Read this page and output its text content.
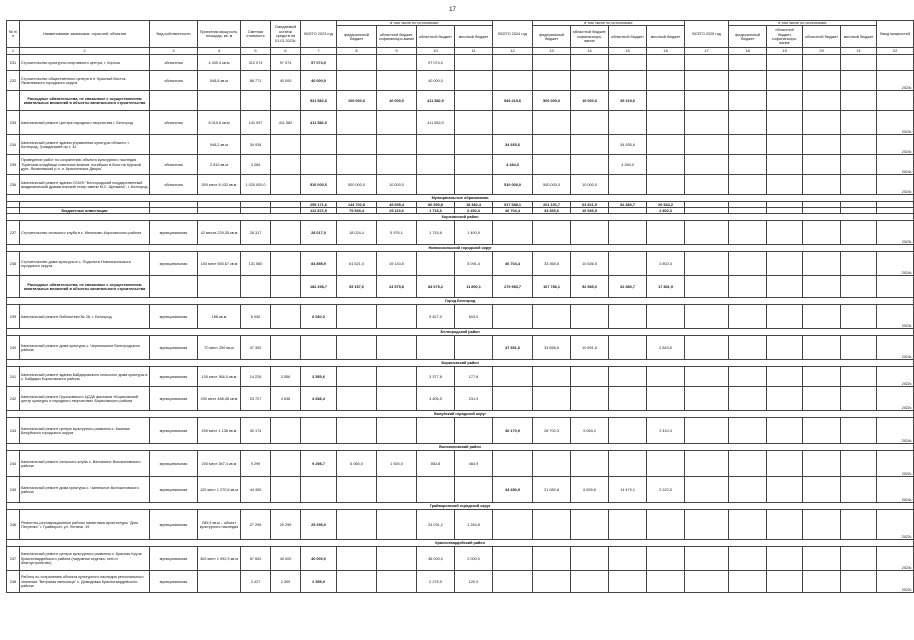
17
№ п/п	Наименование заказчиков, отраслей, объектов	Вид собственности	Проектная мощность, площадь, кв. м	Сметная стоимость	Ожидаемый остаток средств на 01.01.2023г.	ВСЕГО 2023 год	в том числе по источникам:				ВСЕГО 2024 год	в том числе по источникам:				ВСЕГО 2025 год	в том числе по источникам:				Ввод мощностей
							федеральный бюджет	областной бюджет, софинансиро-вание	областной бюджет	местный бюджет		федеральный бюджет	областной бюджет, софинансиро-вание	областной бюджет	местный бюджет		федеральный бюджет	областной бюджет, софинансиро-вание	областной бюджет	местный бюджет	
1	2	3	4	5	6	7	8	9	10	11	12	13	14	15	16	17	18	19	20	21	22
231	Строительство культурно-спортивного центра, г. Короча	областная	4 400,4 кв.м	312 074	97 074	97 074,0			97 074,0												
232	Строительство общественного центра в п. Красный Восток Яковлевского городского округа	областная	548,8 кв.м	86 771	40 000	40 000,0			40 000,0												2023г.
	Расходные обязательства, не связанные с осуществлением капитальных вложений в объекты капитального строительства					521 582,0	100 000,0	10 000,0	411 582,0		549 219,6	500 000,0	10 000,0	39 219,6							
233	Капитальный ремонт Центра народного творчества г. Белгород	областная	6 019,6 кв.м	141 937	411 582	411 582,0			411 582,0												2023г.
234	Капитальный ремонт здания управления культуры области, г. Белгород, Гражданский пр-т, 41		948,2 кв.м	34 936							34 935,6			34 935,6							2024г.
235	Проведение работ по сохранению объекта культурного наследия "Братская кладбище советских воинов, погибших в боях на Курской дуге, Яковлевский р-н, п. Красненское Дворы"	областная	2 819 кв.м	4 284							4 284,0			4 284,0							2024г.
236	Капитальный ремонт здания ОГАУК "Белгородский государственный академический драматический театр имени М.С. Щепкина", г. Белгород	областная	500 мест 8 432 кв.м	1 020 000,0		510 000,0	500 000,0	10 000,0			510 000,0	500 000,0	10 000,0								2024г.
Муниципальные образования																					
						295 171,6	144 702,8	49 695,4	80 390,8	18 382,4	517 688,1	201 151,7	63 521,9	92 380,7	20 634,2						
	Бюджетные инвестиции					112 872,9	79 545,4	25 119,6	1 715,6	6 492,3	46 704,4	33 365,6	10 536,5		2 802,3						
Корочанский район																					
237	Строительство сельского клуба в с. Мелихово Корочанского района	муниципальная	42 места 229,35 кв.м	28 317		28 017,0	18 024,4	5 976,1	1 715,6	1 400,9											2023г.
Новооскольский городской округ																					
238	Строительство дома культуры в с. Подольхи Новооскольского городского округа	муниципальная	100 мест 555,67 кв.м	131 580		84 855,9	61 521,0	19 143,5		5 091,4	46 704,4	33 365,6	10 536,5		2 802,3						2024г.
	Расходные обязательства, не связанные с осуществлением капитальных вложений в объекты капитального строительства					182 298,7	65 157,6	24 575,8	84 675,2	11 890,1	270 983,7	167 786,1	52 985,0	32 380,7	17 831,9						
Город Белгород																					
239	Капитальный ремонт библиотеки № 26, г. Белгород	муниципальная	188 кв.м	6 030		6 030,0			5 427,0	603,0											2023г.
Белгородский район																					
240	Капитальный ремонт дома культуры с. Черемошное Белгородского района	муниципальная	70 мест 250 кв.м	47 392							47 391,6	33 656,6	10 891,5		2 843,5						2024г.
Борисовский район																					
241	Капитальный ремонт здания Байдаровского сельского дома культуры в с. Байдары Борисовского района	муниципальная	100 мест 366,0 кв.м	14 226	3 556	3 555,6			3 377,8	177,8											2022г.
242	Капитальный ремонт Грузсковского ЦСДК филиала «Борисовский центр культуры и народного творчества» Борисовского района	муниципальная	200 мест 488,48 кв.м	23 727	4 638	4 638,4			4 406,5	231,9											2022г.
Валуйский городской округ																					
243	Капитальный ремонт центра культурного развития с. Казинка Валуйского городского округа	муниципальная	200 мест 1 136 кв.м	40 174							40 170,9	28 700,3	9 063,2		2 410,4						2024г.
Волоконовский район																					
244	Капитальный ремонт сельского клуба с. Ватчинино Волоконовского района	муниципальная	200 мест 347,4 кв.м	9 299		9 298,7	6 065,0	1 925,0	853,8	464,9											2022г.
245	Капитальный ремонт дома культуры с. Чапельное Волоконовского района	муниципальная	120 мест 1 270,6 кв.м	44 450							44 450,9	21 080,8	6 659,8	14 479,1	2 222,5						2024г.
Грайворонский городской округ																					
246	Ремонтно-реставрационные работы памятника архитектуры "Дом Петренко" г. Грайворон, ул. Ленина, 19	муниципальная	280,9 кв.м – объект культурного наследия	27 296	25 296	25 296,0			24 031,2	1 264,8											2022г.
Красногвардейский район																					
247	Капитальный ремонт центра культурного развития п. Красная Круча Красногвардейского района (наружная отделка, сети и благоустройство)	муниципальная	300 мест 1 992,9 кв.м	67 652	40 000	40 000,0			38 000,0	2 000,0											2023г.
248	Работы по сохранению объекта культурного наследия регионального значения "Ветряная мельница" с. Демидовка Красногвардейского района	муниципальная		2 427	2 399	2 398,9			2 278,9	120,0											2022г.
